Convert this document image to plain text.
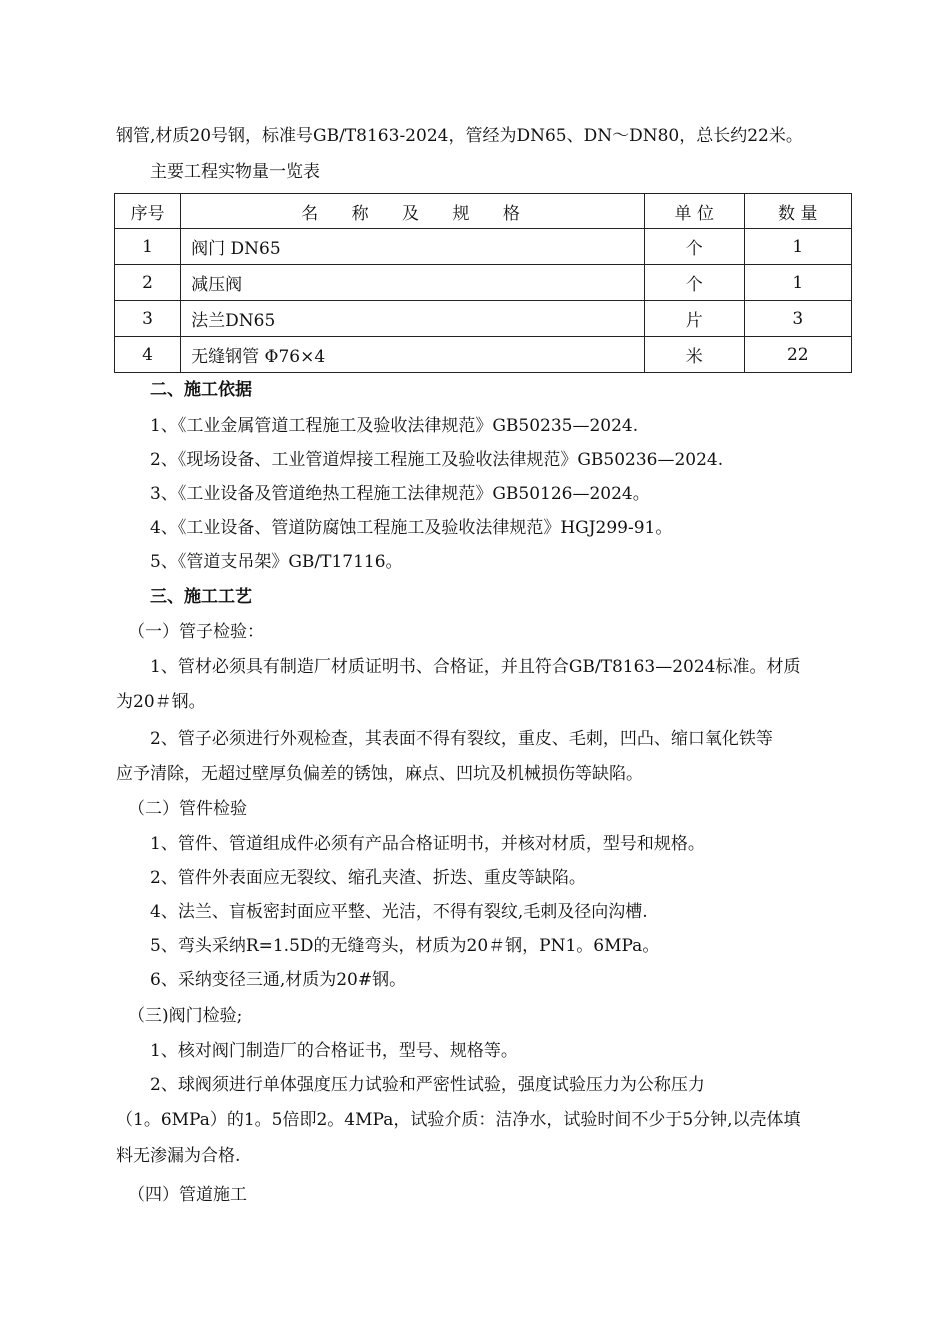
钢管,材质20号钢，标准号GB/T8163-2024，管经为DN65、DN～DN80，总长约22米。
主要工程实物量一览表
序号	名 称 及 规 格	单 位	数 量
1	阀门 DN65	个	1
2	减压阀	个	1
3	法兰DN65	片	3
4	无缝钢管 Φ76×4	米	22
二、施工依据
1、《工业金属管道工程施工及验收法律规范》GB50235—2024.
2、《现场设备、工业管道焊接工程施工及验收法律规范》GB50236—2024.
3、《工业设备及管道绝热工程施工法律规范》GB50126—2024。
4、《工业设备、管道防腐蚀工程施工及验收法律规范》HGJ299-91。
5、《管道支吊架》GB/T17116。
三、施工工艺
（一）管子检验：
1、管材必须具有制造厂材质证明书、合格证，并且符合GB/T8163—2024标准。材质
为20＃钢。
2、管子必须进行外观检查，其表面不得有裂纹，重皮、毛刺，凹凸、缩口氧化铁等
应予清除，无超过壁厚负偏差的锈蚀，麻点、凹坑及机械损伤等缺陷。
（二）管件检验
1、管件、管道组成件必须有产品合格证明书，并核对材质，型号和规格。
2、管件外表面应无裂纹、缩孔夹渣、折迭、重皮等缺陷。
4、法兰、盲板密封面应平整、光洁，不得有裂纹,毛刺及径向沟槽.
5、弯头采纳R=1.5D的无缝弯头，材质为20＃钢，PN1。6MPa。
6、采纳变径三通,材质为20#钢。
（三)阀门检验;
1、核对阀门制造厂的合格证书，型号、规格等。
2、球阀须进行单体强度压力试验和严密性试验，强度试验压力为公称压力
（1。6MPa）的1。5倍即2。4MPa，试验介质：洁净水，试验时间不少于5分钟,以壳体填
料无渗漏为合格.
（四）管道施工
